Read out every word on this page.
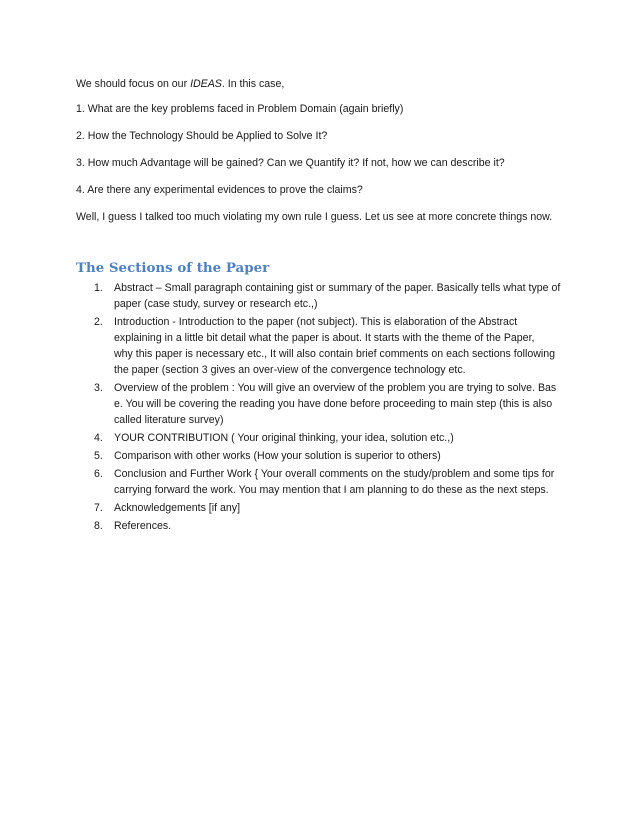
We should focus on our IDEAS. In this case,
1. What are the key problems faced in Problem Domain (again briefly)
2. How the Technology Should be Applied to Solve It?
3. How much Advantage will be gained? Can we Quantify it? If not, how we can describe it?
4. Are there any experimental evidences to prove the claims?
Well, I guess I talked too much violating my own rule I guess. Let us see at more concrete things now.
The Sections of the Paper
1. Abstract – Small paragraph containing gist or summary of the paper. Basically tells what type of
paper (case study, survey or research etc.,)
2. Introduction - Introduction to the paper (not subject). This is elaboration of the Abstract
explaining in a little bit detail what the paper is about. It starts with the theme of the Paper,
why this paper is necessary etc., It will also contain brief comments on each sections following
the paper (section 3 gives an over-view of the convergence technology etc.
3. Overview of the problem : You will give an overview of the problem you are trying to solve. Bas
e. You will be covering the reading you have done before proceeding to main step (this is also
called literature survey)
4. YOUR CONTRIBUTION ( Your original thinking, your idea, solution etc.,)
5. Comparison with other works (How your solution is superior to others)
6. Conclusion and Further Work { Your overall comments on the study/problem and some tips for
carrying forward the work. You may mention that I am planning to do these as the next steps.
7. Acknowledgements [if any]
8. References.
